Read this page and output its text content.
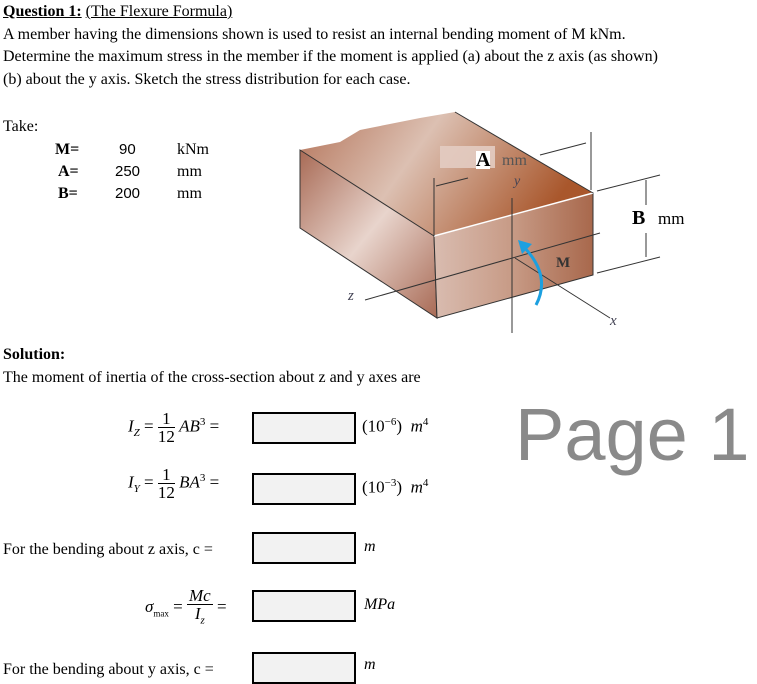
Question 1: (The Flexure Formula)
A member having the dimensions shown is used to resist an internal bending moment of M kNm.
Determine the maximum stress in the member if the moment is applied (a) about the z axis (as shown)
(b) about the y axis. Sketch the stress distribution for each case.
Take:
M=	90	kNm
A= 250 mm
B= 200 mm
A mm
y
B mm
M
z
x
Solution:
The moment of inertia of the cross-section about z and y axes are
Page 1
$I_Z = \frac{1}{12} AB^3$ =	$(10^{-6})$  $m^4$
$I_Y = \frac{1}{12} BA^3$ =	$(10^{-3})$  $m^4$
For the bending about z axis, c =	m
$\sigma_{max} = \frac{Mc}{I_z}$ =	MPa
For the bending about y axis, c =	m
